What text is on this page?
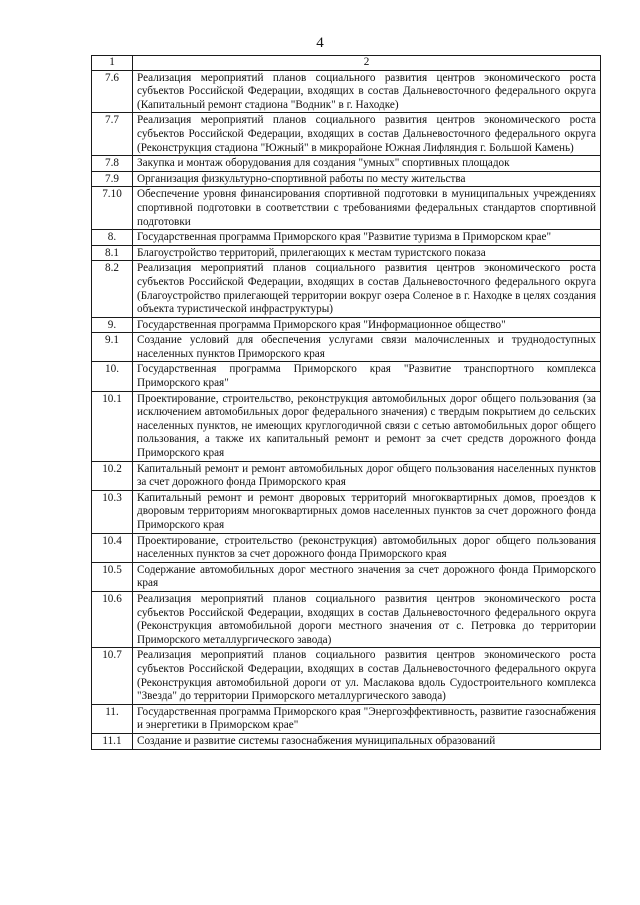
4
1	2
7.6	Реализация мероприятий планов социального развития центров экономического роста субъектов Российской Федерации, входящих в состав Дальневосточного федерального округа (Капитальный ремонт стадиона "Водник" в г. Находке)
7.7	Реализация мероприятий планов социального развития центров экономического роста субъектов Российской Федерации, входящих в состав Дальневосточного федерального округа (Реконструкция стадиона "Южный" в микрорайоне Южная Лифляндия г. Большой Камень)
7.8	Закупка и монтаж оборудования для создания "умных" спортивных площадок
7.9	Организация физкультурно-спортивной работы по месту жительства
7.10	Обеспечение уровня финансирования спортивной подготовки в муниципальных учреждениях спортивной подготовки в соответствии с требованиями федеральных стандартов спортивной подготовки
8.	Государственная программа Приморского края "Развитие туризма в Приморском крае"
8.1	Благоустройство территорий, прилегающих к местам туристского показа
8.2	Реализация мероприятий планов социального развития центров экономического роста субъектов Российской Федерации, входящих в состав Дальневосточного федерального округа (Благоустройство прилегающей территории вокруг озера Соленое в г. Находке в целях создания объекта туристической инфраструктуры)
9.	Государственная программа Приморского края "Информационное общество"
9.1	Создание условий для обеспечения услугами связи малочисленных и труднодоступных населенных пунктов Приморского края
10.	Государственная программа Приморского края "Развитие транспортного комплекса Приморского края"
10.1	Проектирование, строительство, реконструкция автомобильных дорог общего пользования (за исключением автомобильных дорог федерального значения) с твердым покрытием до сельских населенных пунктов, не имеющих круглогодичной связи с сетью автомобильных дорог общего пользования, а также их капитальный ремонт и ремонт за счет средств дорожного фонда Приморского края
10.2	Капитальный ремонт и ремонт автомобильных дорог общего пользования населенных пунктов за счет дорожного фонда Приморского края
10.3	Капитальный ремонт и ремонт дворовых территорий многоквартирных домов, проездов к дворовым территориям многоквартирных домов населенных пунктов за счет дорожного фонда Приморского края
10.4	Проектирование, строительство (реконструкция) автомобильных дорог общего пользования населенных пунктов за счет дорожного фонда Приморского края
10.5	Содержание автомобильных дорог местного значения за счет дорожного фонда Приморского края
10.6	Реализация мероприятий планов социального развития центров экономического роста субъектов Российской Федерации, входящих в состав Дальневосточного федерального округа (Реконструкция автомобильной дороги местного значения от с. Петровка до территории Приморского металлургического завода)
10.7	Реализация мероприятий планов социального развития центров экономического роста субъектов Российской Федерации, входящих в состав Дальневосточного федерального округа (Реконструкция автомобильной дороги от ул. Маслакова вдоль Судостроительного комплекса "Звезда" до территории Приморского металлургического завода)
11.	Государственная программа Приморского края "Энергоэффективность, развитие газоснабжения и энергетики в Приморском крае"
11.1	Создание и развитие системы газоснабжения муниципальных образований
